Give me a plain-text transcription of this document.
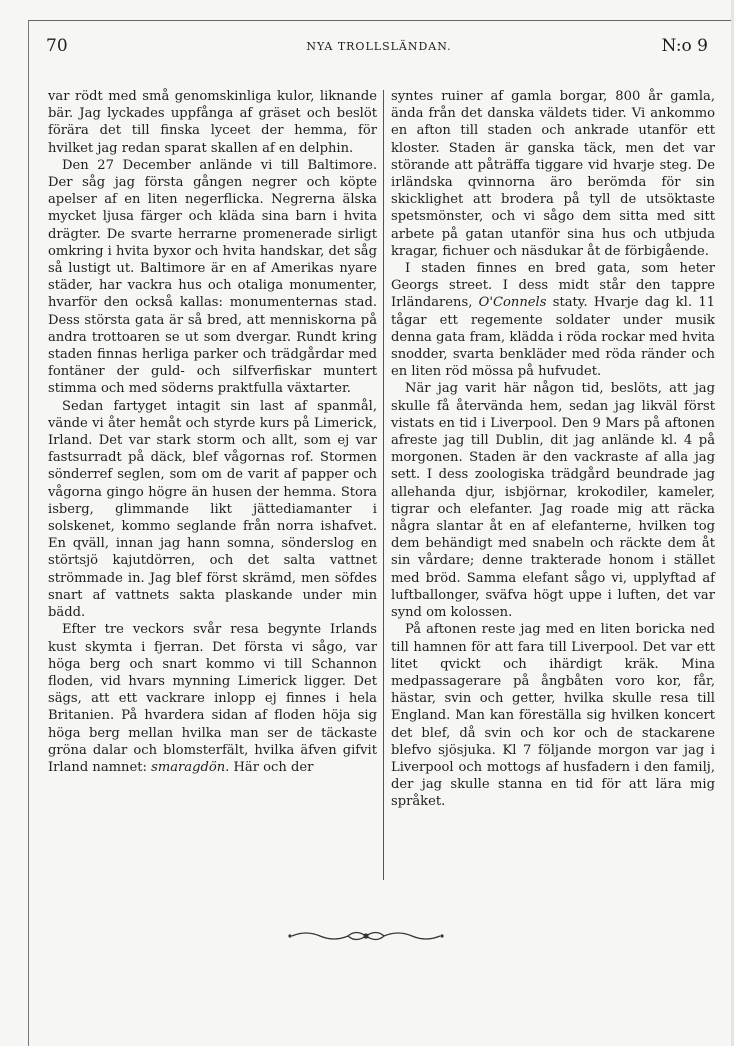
70	NYA TROLLSLÄNDAN.	N:o 9

var rödt med små genomskinliga kulor, liknande bär. Jag lyckades uppfånga af gräset och beslöt förära det till finska lyceet der hemma, för hvilket jag redan sparat skallen af en delphin.

Den 27 December anlände vi till Baltimore. Der såg jag första gången negrer och köpte apelser af en liten negerflicka. Negrerna älska mycket ljusa färger och kläda sina barn i hvita drägter. De svarte herrarne promenerade sirligt omkring i hvita byxor och hvita handskar, det såg så lustigt ut. Baltimore är en af Amerikas nyare städer, har vackra hus och otaliga monumenter, hvarför den också kallas: monumenternas stad. Dess största gata är så bred, att menniskorna på andra trottoaren se ut som dvergar. Rundt kring staden finnas herliga parker och trädgårdar med fontäner der guld- och silfverfiskar muntert stimma och med söderns praktfulla växtarter.

Sedan fartyget intagit sin last af spanmål, vände vi åter hemåt och styrde kurs på Limerick, Irland. Det var stark storm och allt, som ej var fastsurradt på däck, blef vågornas rof. Stormen sönderref seglen, som om de varit af papper och vågorna gingo högre än husen der hemma. Stora isberg, glimmande likt jättediamanter i solskenet, kommo seglande från norra ishafvet. En qväll, innan jag hann somna, sönderslog en störtsjö kajutdörren, och det salta vattnet strömmade in. Jag blef först skrämd, men söfdes snart af vattnets sakta plaskande under min bädd.

Efter tre veckors svår resa begynte Irlands kust skymta i fjerran. Det första vi sågo, var höga berg och snart kommo vi till Schannon floden, vid hvars mynning Limerick ligger. Det sägs, att ett vackrare inlopp ej finnes i hela Britanien. På hvardera sidan af floden höja sig höga berg mellan hvilka man ser de täckaste gröna dalar och blomsterfält, hvilka äfven gifvit Irland namnet: smaragdön. Här och der

syntes ruiner af gamla borgar, 800 år gamla, ända från det danska väldets tider. Vi ankommo en afton till staden och ankrade utanför ett kloster. Staden är ganska täck, men det var störande att påträffa tiggare vid hvarje steg. De irländska qvinnorna äro berömda för sin skicklighet att brodera på tyll de utsöktaste spetsmönster, och vi sågo dem sitta med sitt arbete på gatan utanför sina hus och utbjuda kragar, fichuer och näsdukar åt de förbigående.

I staden finnes en bred gata, som heter Georgs street. I dess midt står den tappre Irländarens, O'Connels staty. Hvarje dag kl. 11 tågar ett regemente soldater under musik denna gata fram, klädda i röda rockar med hvita snodder, svarta benkläder med röda ränder och en liten röd mössa på hufvudet.

När jag varit här någon tid, beslöts, att jag skulle få återvända hem, sedan jag likväl först vistats en tid i Liverpool. Den 9 Mars på aftonen afreste jag till Dublin, dit jag anlände kl. 4 på morgonen. Staden är den vackraste af alla jag sett. I dess zoologiska trädgård beundrade jag allehanda djur, isbjörnar, krokodiler, kameler, tigrar och elefanter. Jag roade mig att räcka några slantar åt en af elefanterne, hvilken tog dem behändigt med snabeln och räckte dem åt sin vårdare; denne trakterade honom i stället med bröd. Samma elefant sågo vi, upplyftad af luftballonger, sväfva högt uppe i luften, det var synd om kolossen.

På aftonen reste jag med en liten boricka ned till hamnen för att fara till Liverpool. Det var ett litet qvickt och ihärdigt kräk. Mina medpassagerare på ångbåten voro kor, får, hästar, svin och getter, hvilka skulle resa till England. Man kan föreställa sig hvilken koncert det blef, då svin och kor och de stackarene blefvo sjösjuka. Kl 7 följande morgon var jag i Liverpool och mottogs af husfadern i den familj, der jag skulle stanna en tid för att lära mig språket.
